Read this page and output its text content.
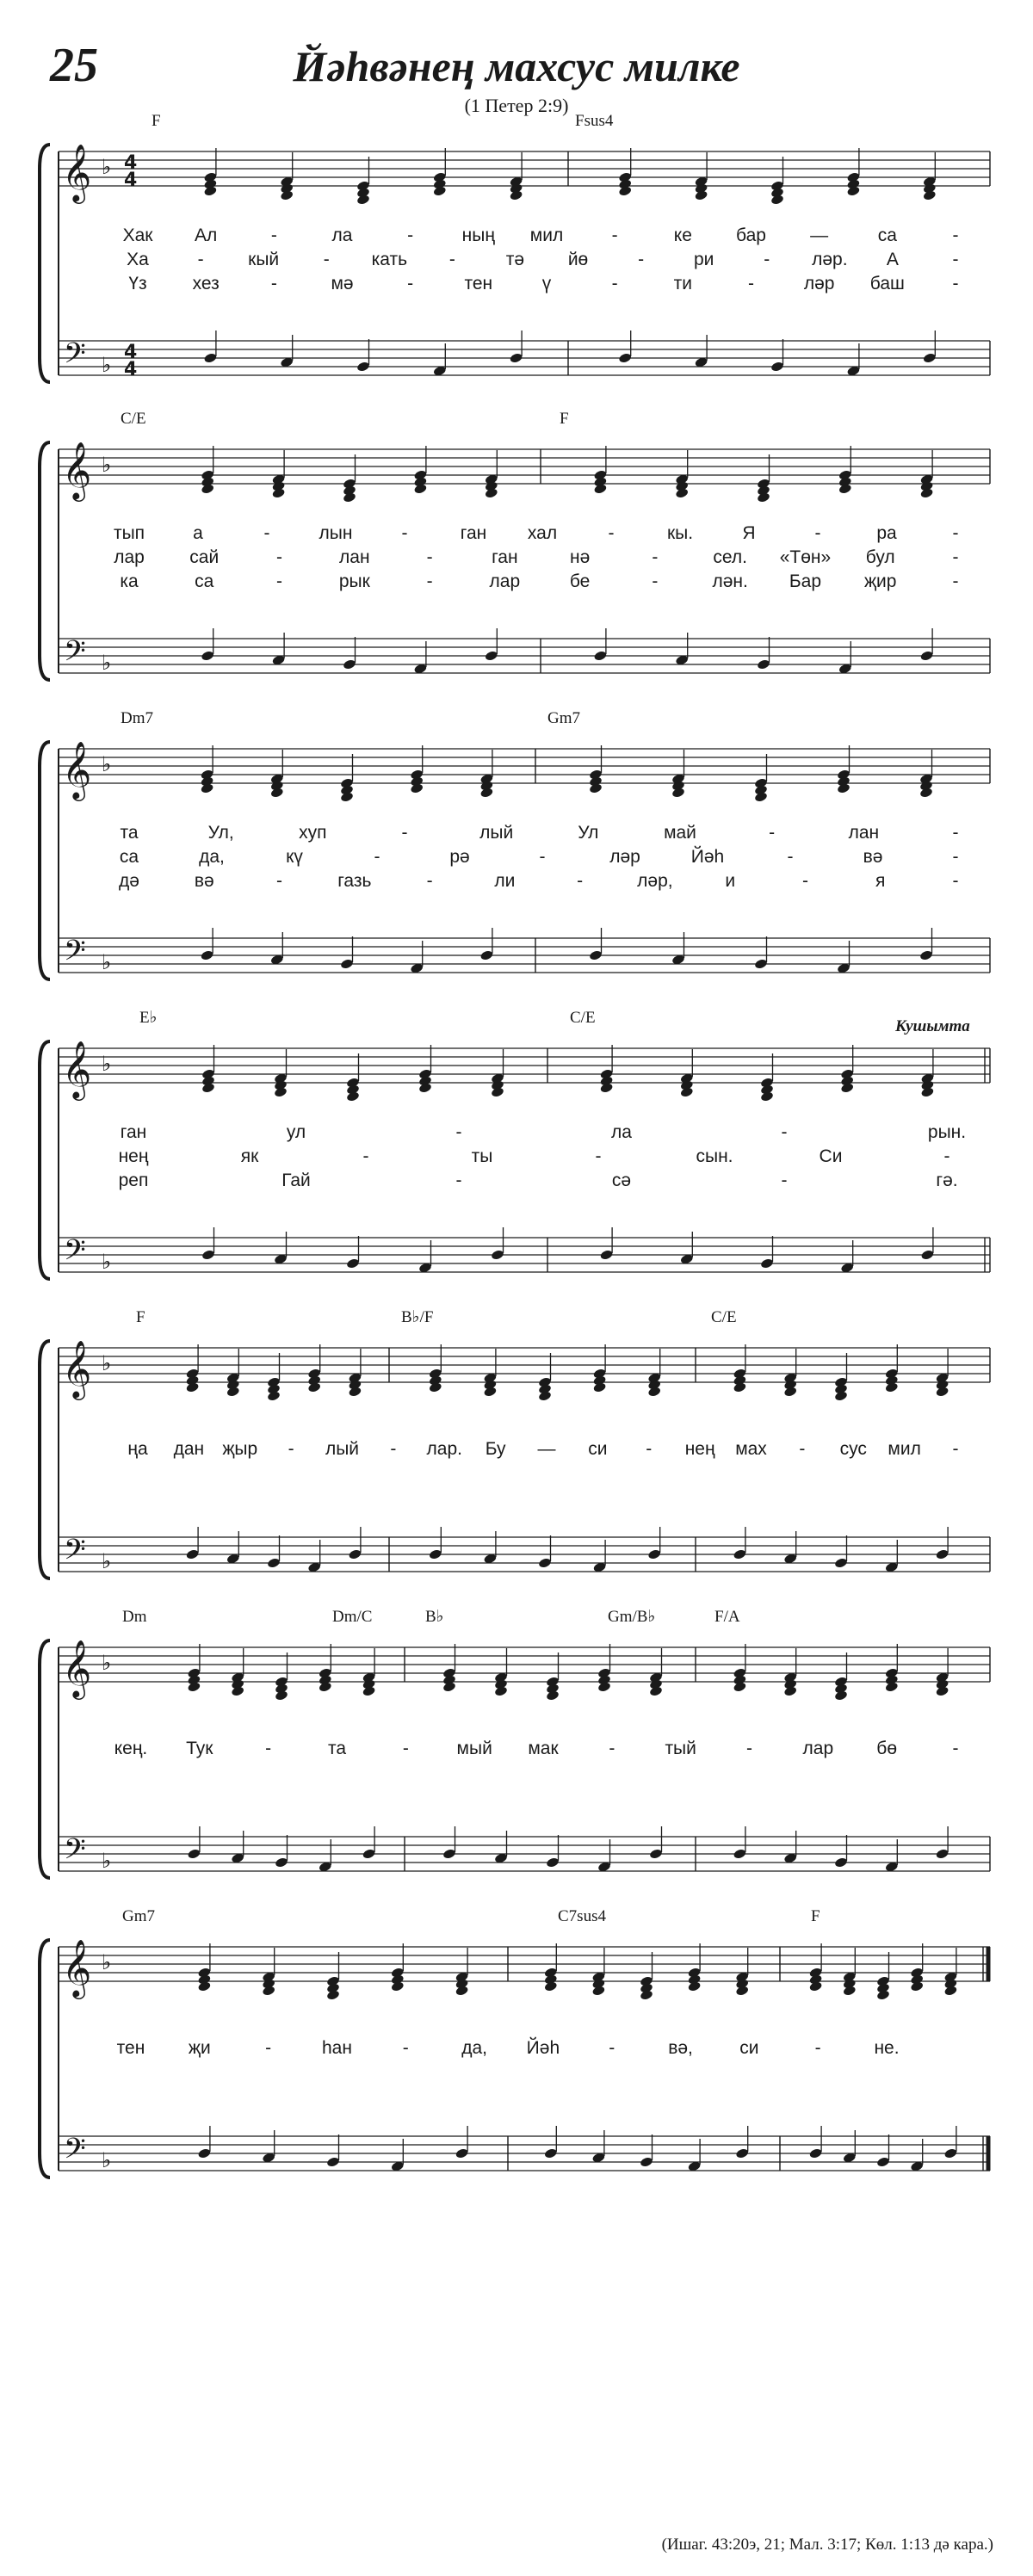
25	Йәһвәнең махсус милке
(1 Петер 2:9)
𝄞
𝄢
♭
♭
4
4
4
4
F	Fsus4
Хак Ал	-	ла	-	ның мил	-	ке бар —	са	-
Ха	- кый - кать -	тә йө	-	ри	- ләр. А	-
Үз	хез	-	мә	-	тен	ү	-	ти	-	ләр баш	-
𝄞
𝄢
♭
♭
C/E	F
тып	а	-	лын	-	ган хал	-	кы.	Я	-	ра	-
лар сай	-	лан	-	ган	нә	-	сел. «Төн» бул	-
ка	са	-	рык	-	лар	бе	-	лән. Бар җир	-
𝄞
𝄢
♭
♭
Dm7	Gm7
та	Ул,	хуп	-	лый	Ул	май	-	лан	-
са	да,	кү	-	рә	-	ләр	Йәһ	-	вә	-
дә	вә	-	газь	-	ли	-	ләр,	и	-	я	-
𝄞
𝄢
♭
♭
E♭	C/E	Кушымта
ган	ул	-	ла	-	рын.
нең	як	-	ты	-	сын.	Си	-
реп	Гай	-	сә	-	гә.
𝄞
𝄢
♭
♭
F	B♭/F	C/E
ңа дан җыр - лый - лар. Бу — си - нең мах - сус мил -
𝄞
𝄢
♭
♭
Dm	Dm/C	B♭	Gm/B♭	F/A
кең. Тук	-	та	-	мый мак	-	тый	-	лар бө	-
𝄞
𝄢
♭
♭
Gm7	C7sus4	F
тен җи	-	һан	-	да, Йәһ	-	вә,	си	-	не.
(Ишаг. 43:20э, 21; Мал. 3:17; Көл. 1:13 дә кара.)
